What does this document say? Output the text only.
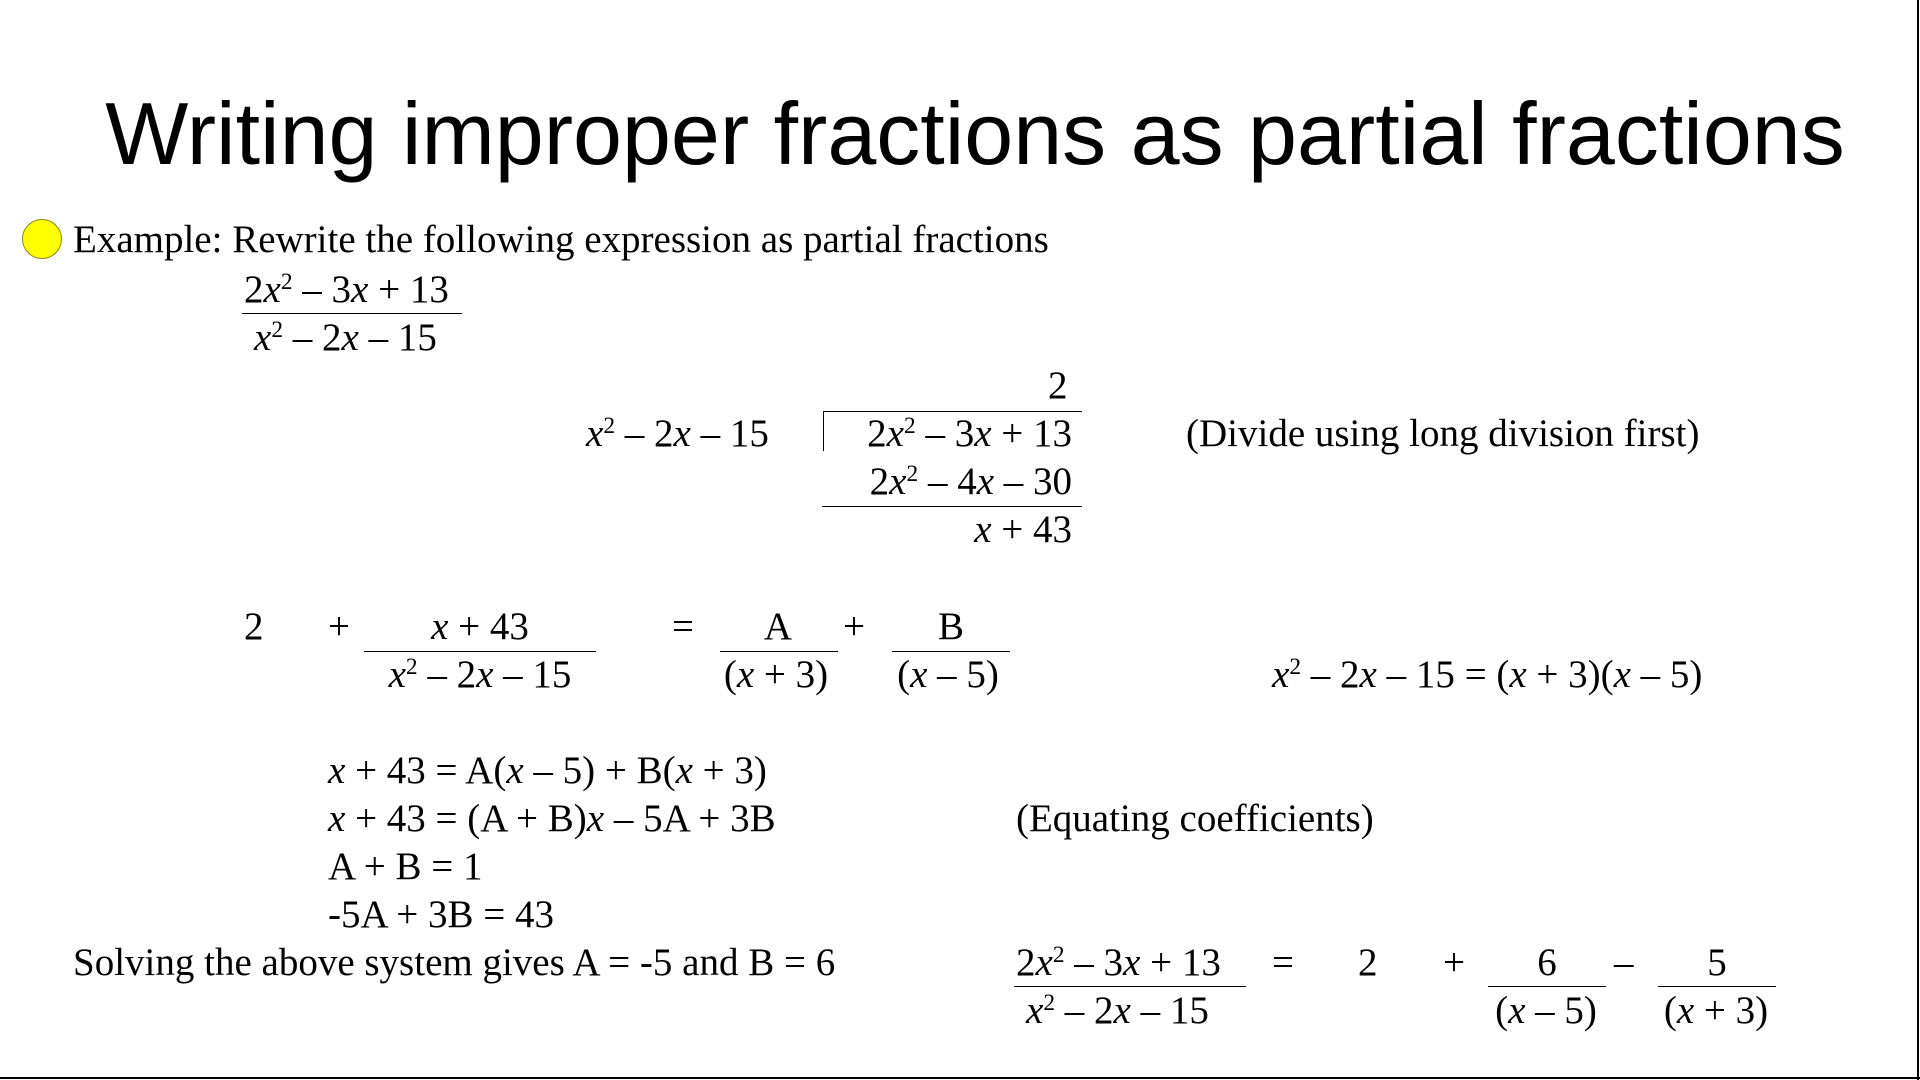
Writing improper fractions as partial fractions
Example: Rewrite the following expression as partial fractions
$2x^2 - 3x + 13$
$x^2 - 2x - 15$
2
$x^2 - 2x - 15$	$2x^2 - 3x + 13$
$2x^2 - 4x - 30$
x + 43
(Divide using long division first)
2 +	x + 43
$x^2 - 2x - 15$
=	A
(x + 3)
+	B
(x – 5)	$x^2 - 2x - 15 = (x + 3)(x - 5)$
x + 43 = A(x – 5) + B(x + 3)
x + 43 = (A + B)x – 5A + 3B	(Equating coefficients)
A + B = 1
-5A + 3B = 43
Solving the above system gives A = -5 and B = 6	$2x^2 - 3x + 13$
$x^2 - 2x - 15$
= 2 +	6
(x – 5)
–	5
(x + 3)
